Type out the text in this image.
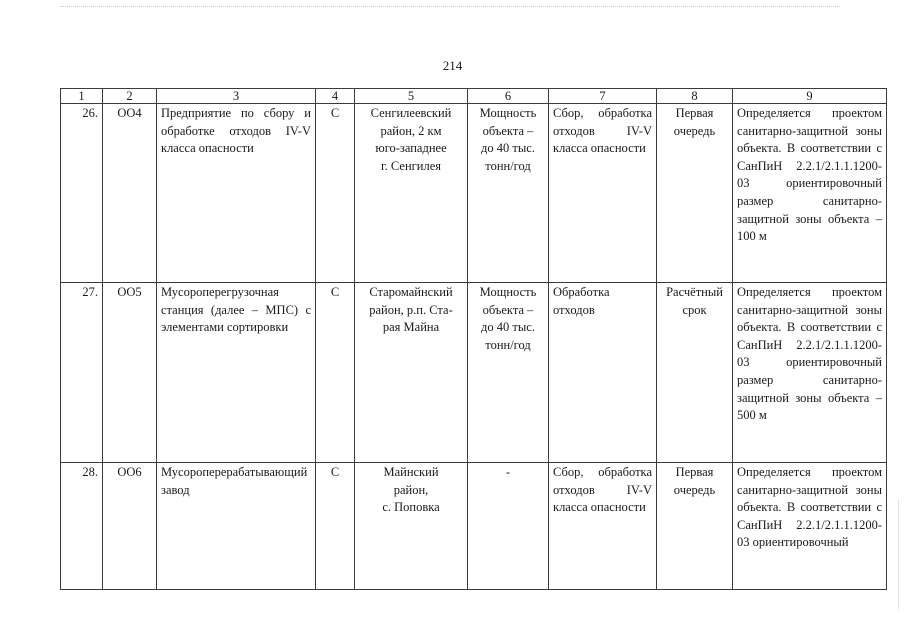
214
1	2	3	4	5	6	7	8	9
26.	ОО4	Предприятие по сбору и обработке отходов IV-V класса опасности	С	Сенгилеевский
район, 2 км
юго-западнее
г. Сенгилея	Мощность
объекта –
до 40 тыс.
тонн/год	Сбор, обработка отходов IV-V класса опасности	Первая
очередь	Определяется проектом санитарно-защитной зоны объекта. В соответствии с СанПиН 2.2.1/2.1.1.1200-03 ориентировочный размер санитарно-защитной зоны объекта – 100 м
27.	ОО5	Мусороперегрузочная станция (далее – МПС) с элементами сортировки	С	Старомайнский
район, р.п. Ста-
рая Майна	Мощность
объекта –
до 40 тыс.
тонн/год	Обработка отходов	Расчётный
срок	Определяется проектом санитарно-защитной зоны объекта. В соответствии с СанПиН 2.2.1/2.1.1.1200-03 ориентировочный размер санитарно-защитной зоны объекта – 500 м
28.	ОО6	Мусороперерабатывающий завод	С	Майнский
район,
с. Поповка	-	Сбор, обработка отходов IV-V класса опасности	Первая
очередь	Определяется проектом санитарно-защитной зоны объекта. В соответствии с СанПиН 2.2.1/2.1.1.1200-03 ориентировочный
